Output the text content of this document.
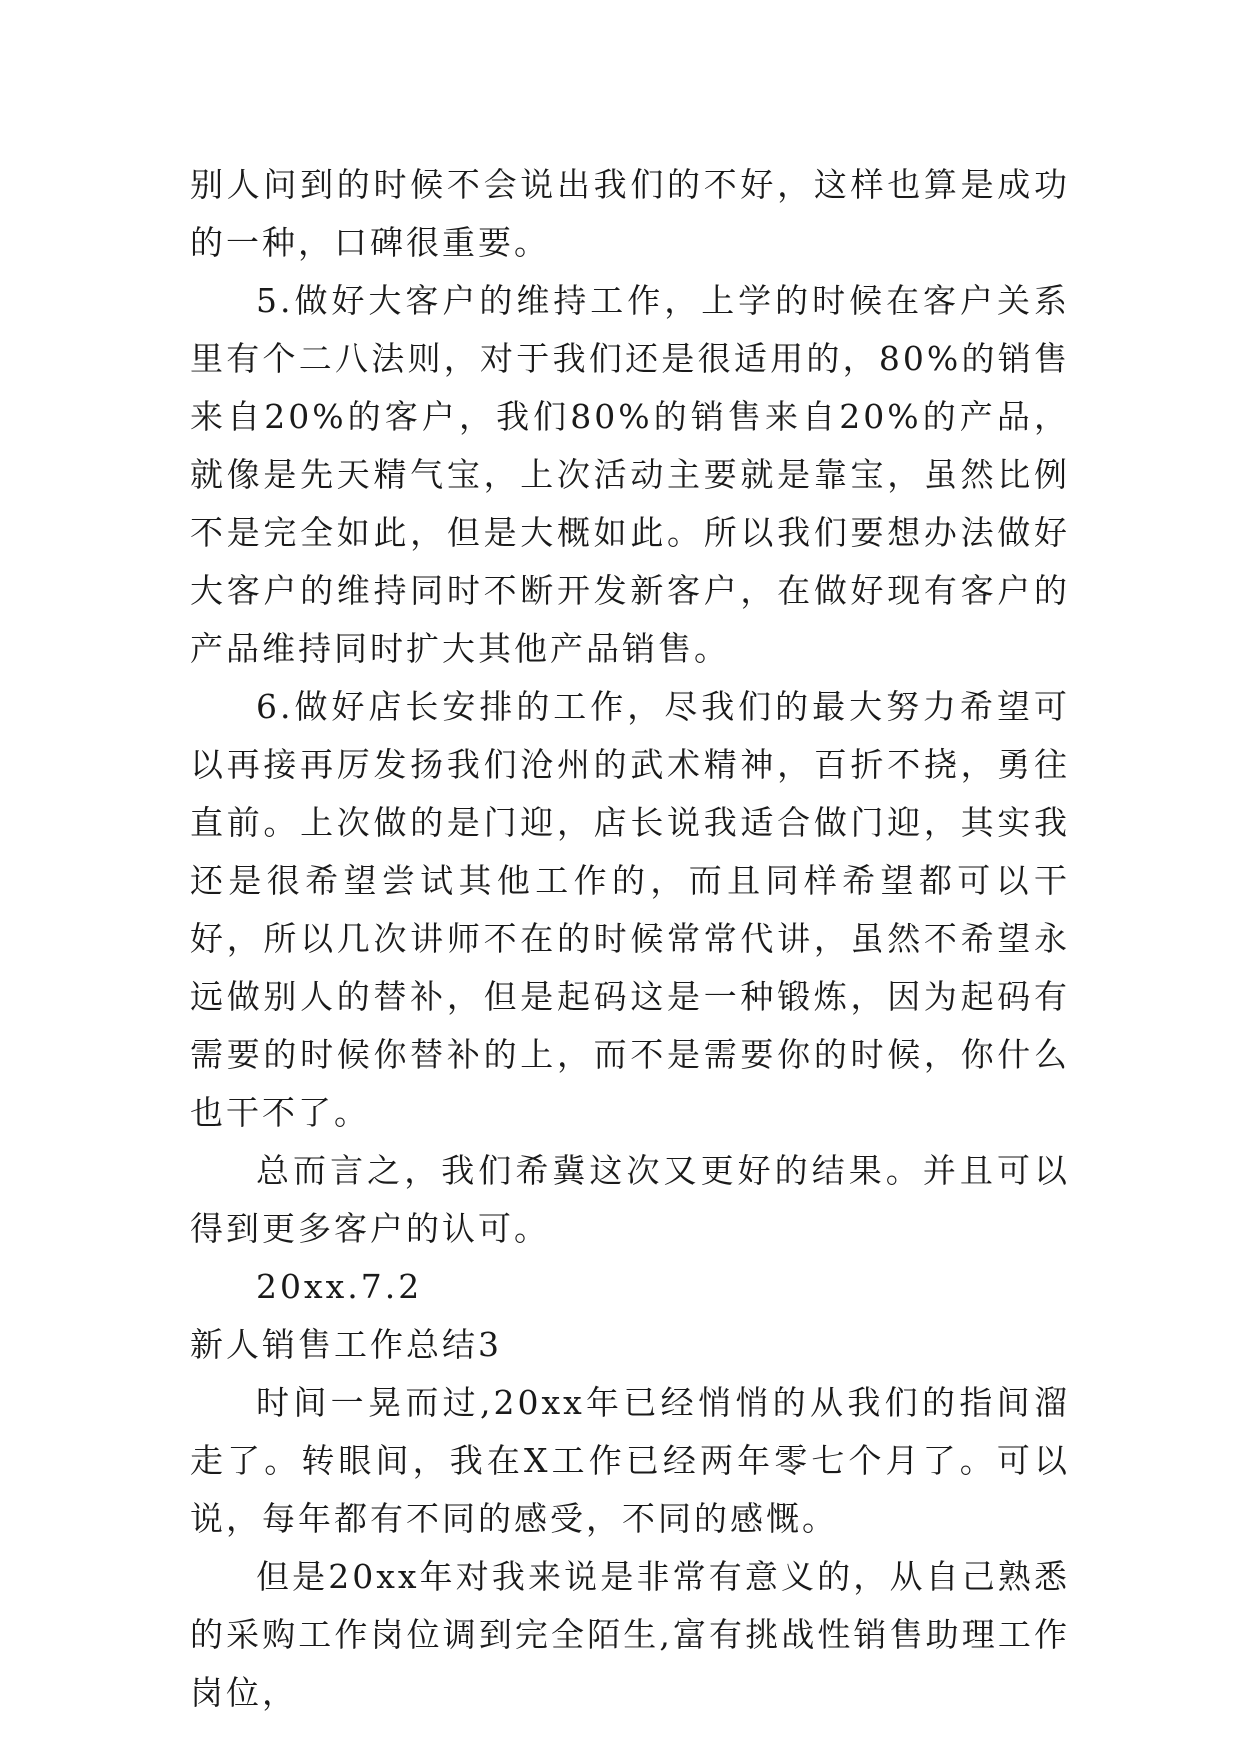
别人问到的时候不会说出我们的不好，这样也算是成功的一种，口碑很重要。

5.做好大客户的维持工作，上学的时候在客户关系里有个二八法则，对于我们还是很适用的，80%的销售来自20%的客户，我们80%的销售来自20%的产品，就像是先天精气宝，上次活动主要就是靠宝，虽然比例不是完全如此，但是大概如此。所以我们要想办法做好大客户的维持同时不断开发新客户，在做好现有客户的产品维持同时扩大其他产品销售。

6.做好店长安排的工作，尽我们的最大努力希望可以再接再厉发扬我们沧州的武术精神，百折不挠，勇往直前。上次做的是门迎，店长说我适合做门迎，其实我还是很希望尝试其他工作的，而且同样希望都可以干好，所以几次讲师不在的时候常常代讲，虽然不希望永远做别人的替补，但是起码这是一种锻炼，因为起码有需要的时候你替补的上，而不是需要你的时候，你什么也干不了。

总而言之，我们希冀这次又更好的结果。并且可以得到更多客户的认可。

20xx.7.2

新人销售工作总结3

时间一晃而过,20xx年已经悄悄的从我们的指间溜走了。转眼间，我在X工作已经两年零七个月了。可以说，每年都有不同的感受，不同的感慨。

但是20xx年对我来说是非常有意义的，从自己熟悉的采购工作岗位调到完全陌生,富有挑战性销售助理工作岗位，
